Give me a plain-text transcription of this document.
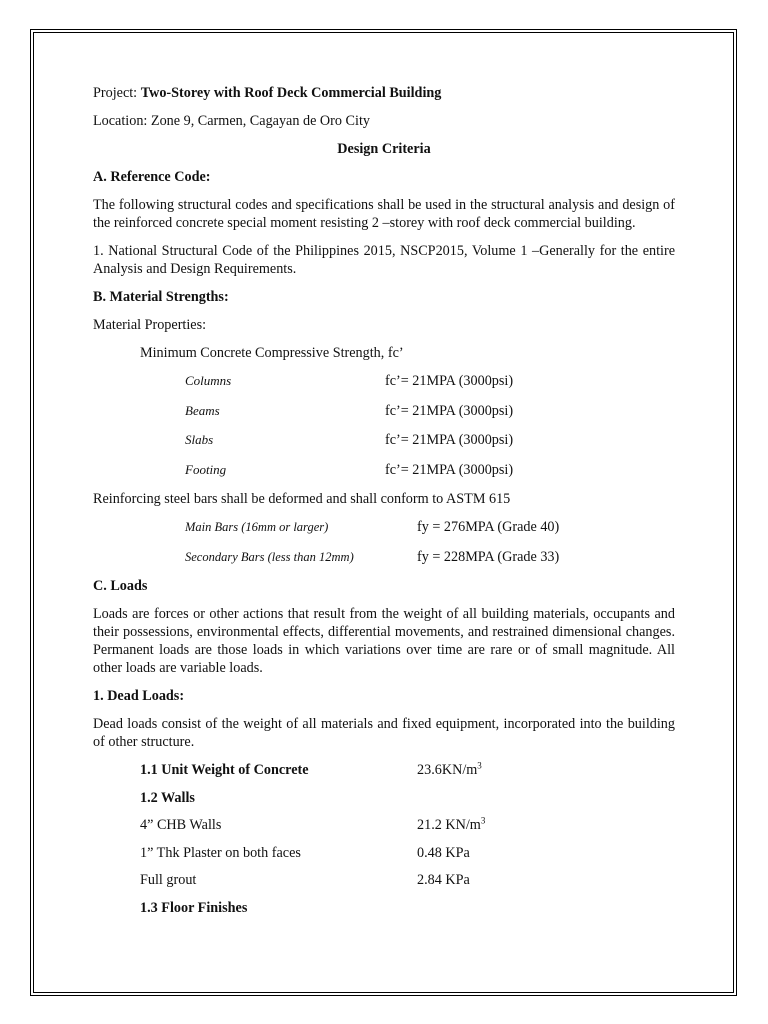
Project: Two-Storey with Roof Deck Commercial Building

Location: Zone 9, Carmen, Cagayan de Oro City

Design Criteria

A. Reference Code:

The following structural codes and specifications shall be used in the structural analysis and design of the reinforced concrete special moment resisting 2 –storey with roof deck commercial building.

1. National Structural Code of the Philippines 2015, NSCP2015, Volume 1 –Generally for the entire Analysis and Design Requirements.

B. Material Strengths:

Material Properties:

Minimum Concrete Compressive Strength, fc’

Columns	fc’= 21MPA (3000psi)
Beams	fc’= 21MPA (3000psi)
Slabs	fc’= 21MPA (3000psi)
Footing	fc’= 21MPA (3000psi)

Reinforcing steel bars shall be deformed and shall conform to ASTM 615

Main Bars (16mm or larger)	fy = 276MPA (Grade 40)
Secondary Bars (less than 12mm)	fy = 228MPA (Grade 33)

C. Loads

Loads are forces or other actions that result from the weight of all building materials, occupants and their possessions, environmental effects, differential movements, and restrained dimensional changes. Permanent loads are those loads in which variations over time are rare or of small magnitude. All other loads are variable loads.

1. Dead Loads:

Dead loads consist of the weight of all materials and fixed equipment, incorporated into the building of other structure.

1.1 Unit Weight of Concrete	$23.6KN/m^3$
1.2 Walls
4” CHB Walls	21.2 $KN/m^3$
1” Thk Plaster on both faces	0.48 KPa
Full grout	2.84 KPa
1.3 Floor Finishes
